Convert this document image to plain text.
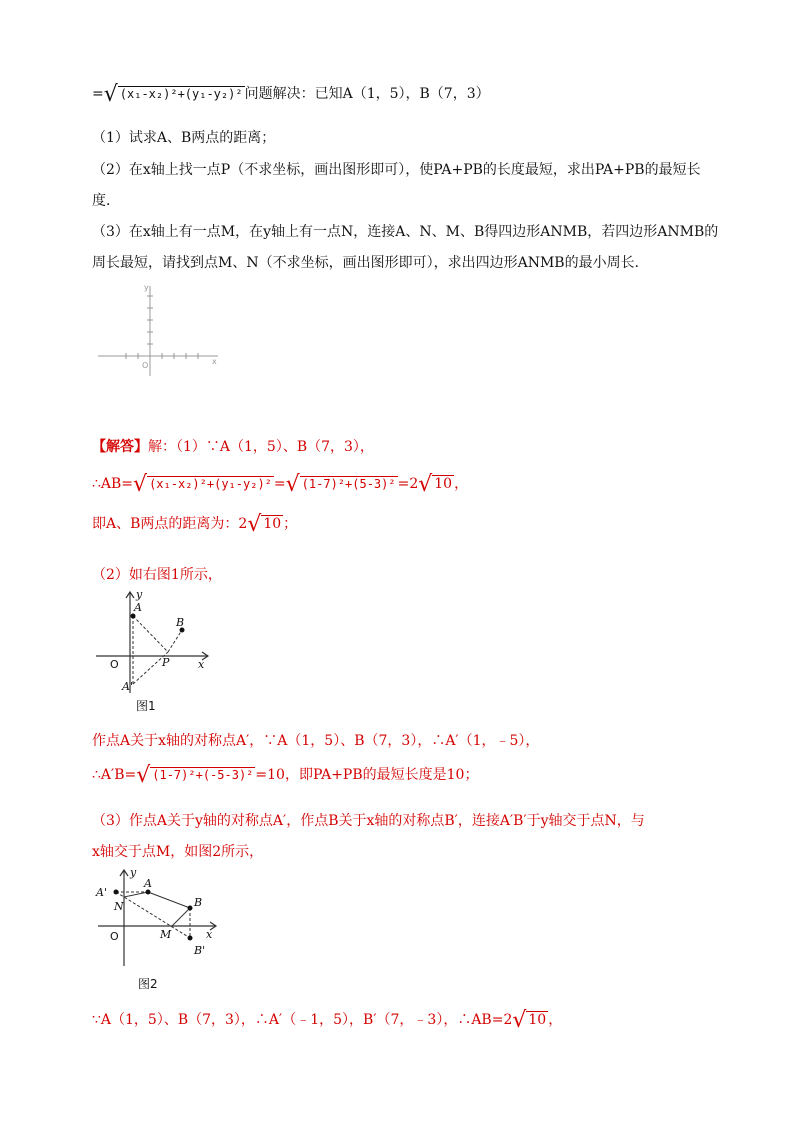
=√ (x₁-x₂)²+(y₁-y₂)² 问题解决：已知A（1，5），B（7，3）
（1）试求A、B两点的距离；
（2）在x轴上找一点P（不求坐标，画出图形即可），使PA+PB的长度最短，求出PA+PB的最短长
度．
（3）在x轴上有一点M，在y轴上有一点N，连接A、N、M、B得四边形ANMB，若四边形ANMB的
周长最短，请找到点M、N（不求坐标，画出图形即可），求出四边形ANMB的最小周长．
y
x
O
【解答】解：（1）∵A（1，5）、B（7，3），
∴AB=√ (x₁-x₂)²+(y₁-y₂)² =√ (1-7)²+(5-3)² =2√ 10 ，
即A、B两点的距离为：2√ 10 ；
（2）如右图1所示，
y
x
A
B
P
A'
O
图1
作点A关于x轴的对称点A′，∵A（1，5）、B（7，3），∴A′（1，﹣5），
∴A′B=√ (1-7)²+(-5-3)² =10，即PA+PB的最短长度是10；
（3）作点A关于y轴的对称点A′，作点B关于x轴的对称点B′，连接A′B′于y轴交于点N，与
x轴交于点M，如图2所示，
y
x
A
A'
B
B'
N
M
O
图2
∵A（1，5）、B（7，3），∴A′（﹣1，5），B′（7，﹣3），∴AB=2√ 10 ，
